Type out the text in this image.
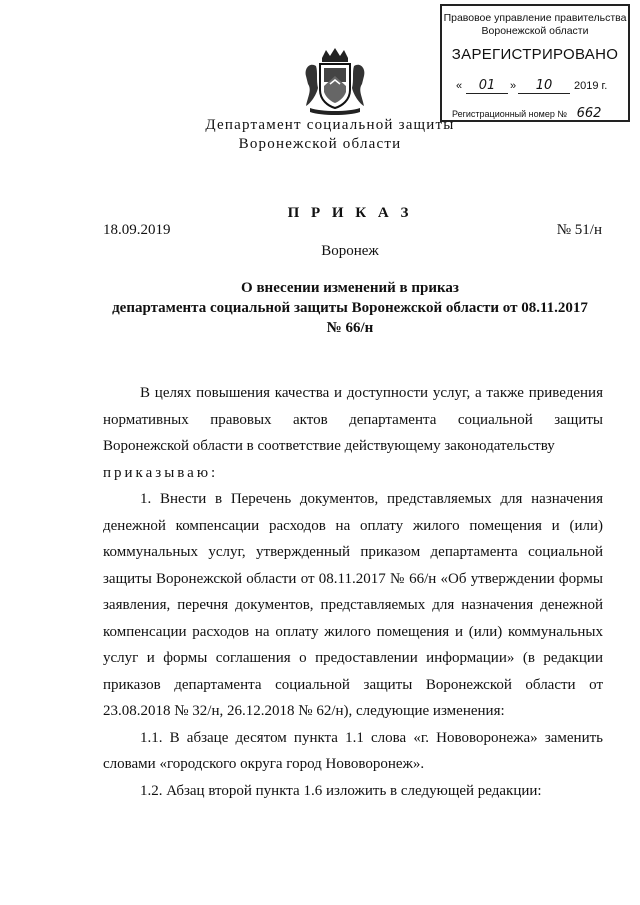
Правовое управление правительства Воронежской области
ЗАРЕГИСТРИРОВАНО
«	01	»	10	2019 г.
Регистрационный номер № 662
Департамент социальной защиты
Воронежской области
П Р И К А З
18.09.2019	№ 51/н
Воронеж
О внесении изменений в приказ
департамента социальной защиты Воронежской области от 08.11.2017
№ 66/н

В целях повышения качества и доступности услуг, а также приведения нормативных правовых актов департамента социальной защиты Воронежской области в соответствие действующему законодательству

приказываю:

1. Внести в Перечень документов, представляемых для назначения денежной компенсации расходов на оплату жилого помещения и (или) коммунальных услуг, утвержденный приказом департамента социальной защиты Воронежской области от 08.11.2017 № 66/н «Об утверждении формы заявления, перечня документов, представляемых для назначения денежной компенсации расходов на оплату жилого помещения и (или) коммунальных услуг и формы соглашения о предоставлении информации» (в редакции приказов департамента социальной защиты Воронежской области от 23.08.2018 № 32/н, 26.12.2018 № 62/н), следующие изменения:

1.1. В абзаце десятом пункта 1.1 слова «г. Нововоронежа» заменить словами «городского округа город Нововоронеж».

1.2. Абзац второй пункта 1.6 изложить в следующей редакции:
